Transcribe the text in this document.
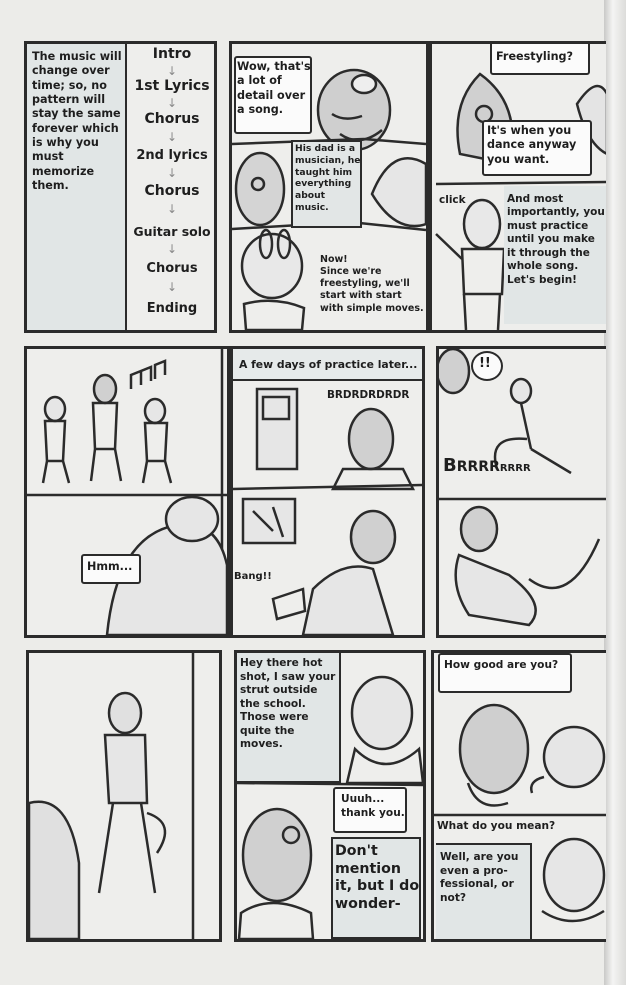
The music will
change over
time; so, no
pattern will
stay the same
forever which
is why you
must
memorize
them.
Intro
↓
1st Lyrics
↓
Chorus
↓
2nd lyrics
↓
Chorus
↓
Guitar solo
↓
Chorus
↓
Ending
Wow, that's
a lot of
detail over
a song.
His dad is a
musician, he
taught him
everything
about
music.
Now!
Since we're
freestyling, we'll
start with start
with simple moves.
Freestyling?
It's when you
dance anyway
you want.
click	And most
importantly, you
must practice
until you make
it through the
whole song.
Let's begin!
Hmm...
A few days of practice later...
BRDRDRDRDR
Bang!!
!!
BRRRRRRRR
Hey there hot
shot, I saw your
strut outside
the school.
Those were
quite the
moves.
Uuuh...
thank you.
Don't
mention
it, but I do
wonder-
How good are you?
What do you mean?
Well, are you
even a pro-
fessional, or
not?
